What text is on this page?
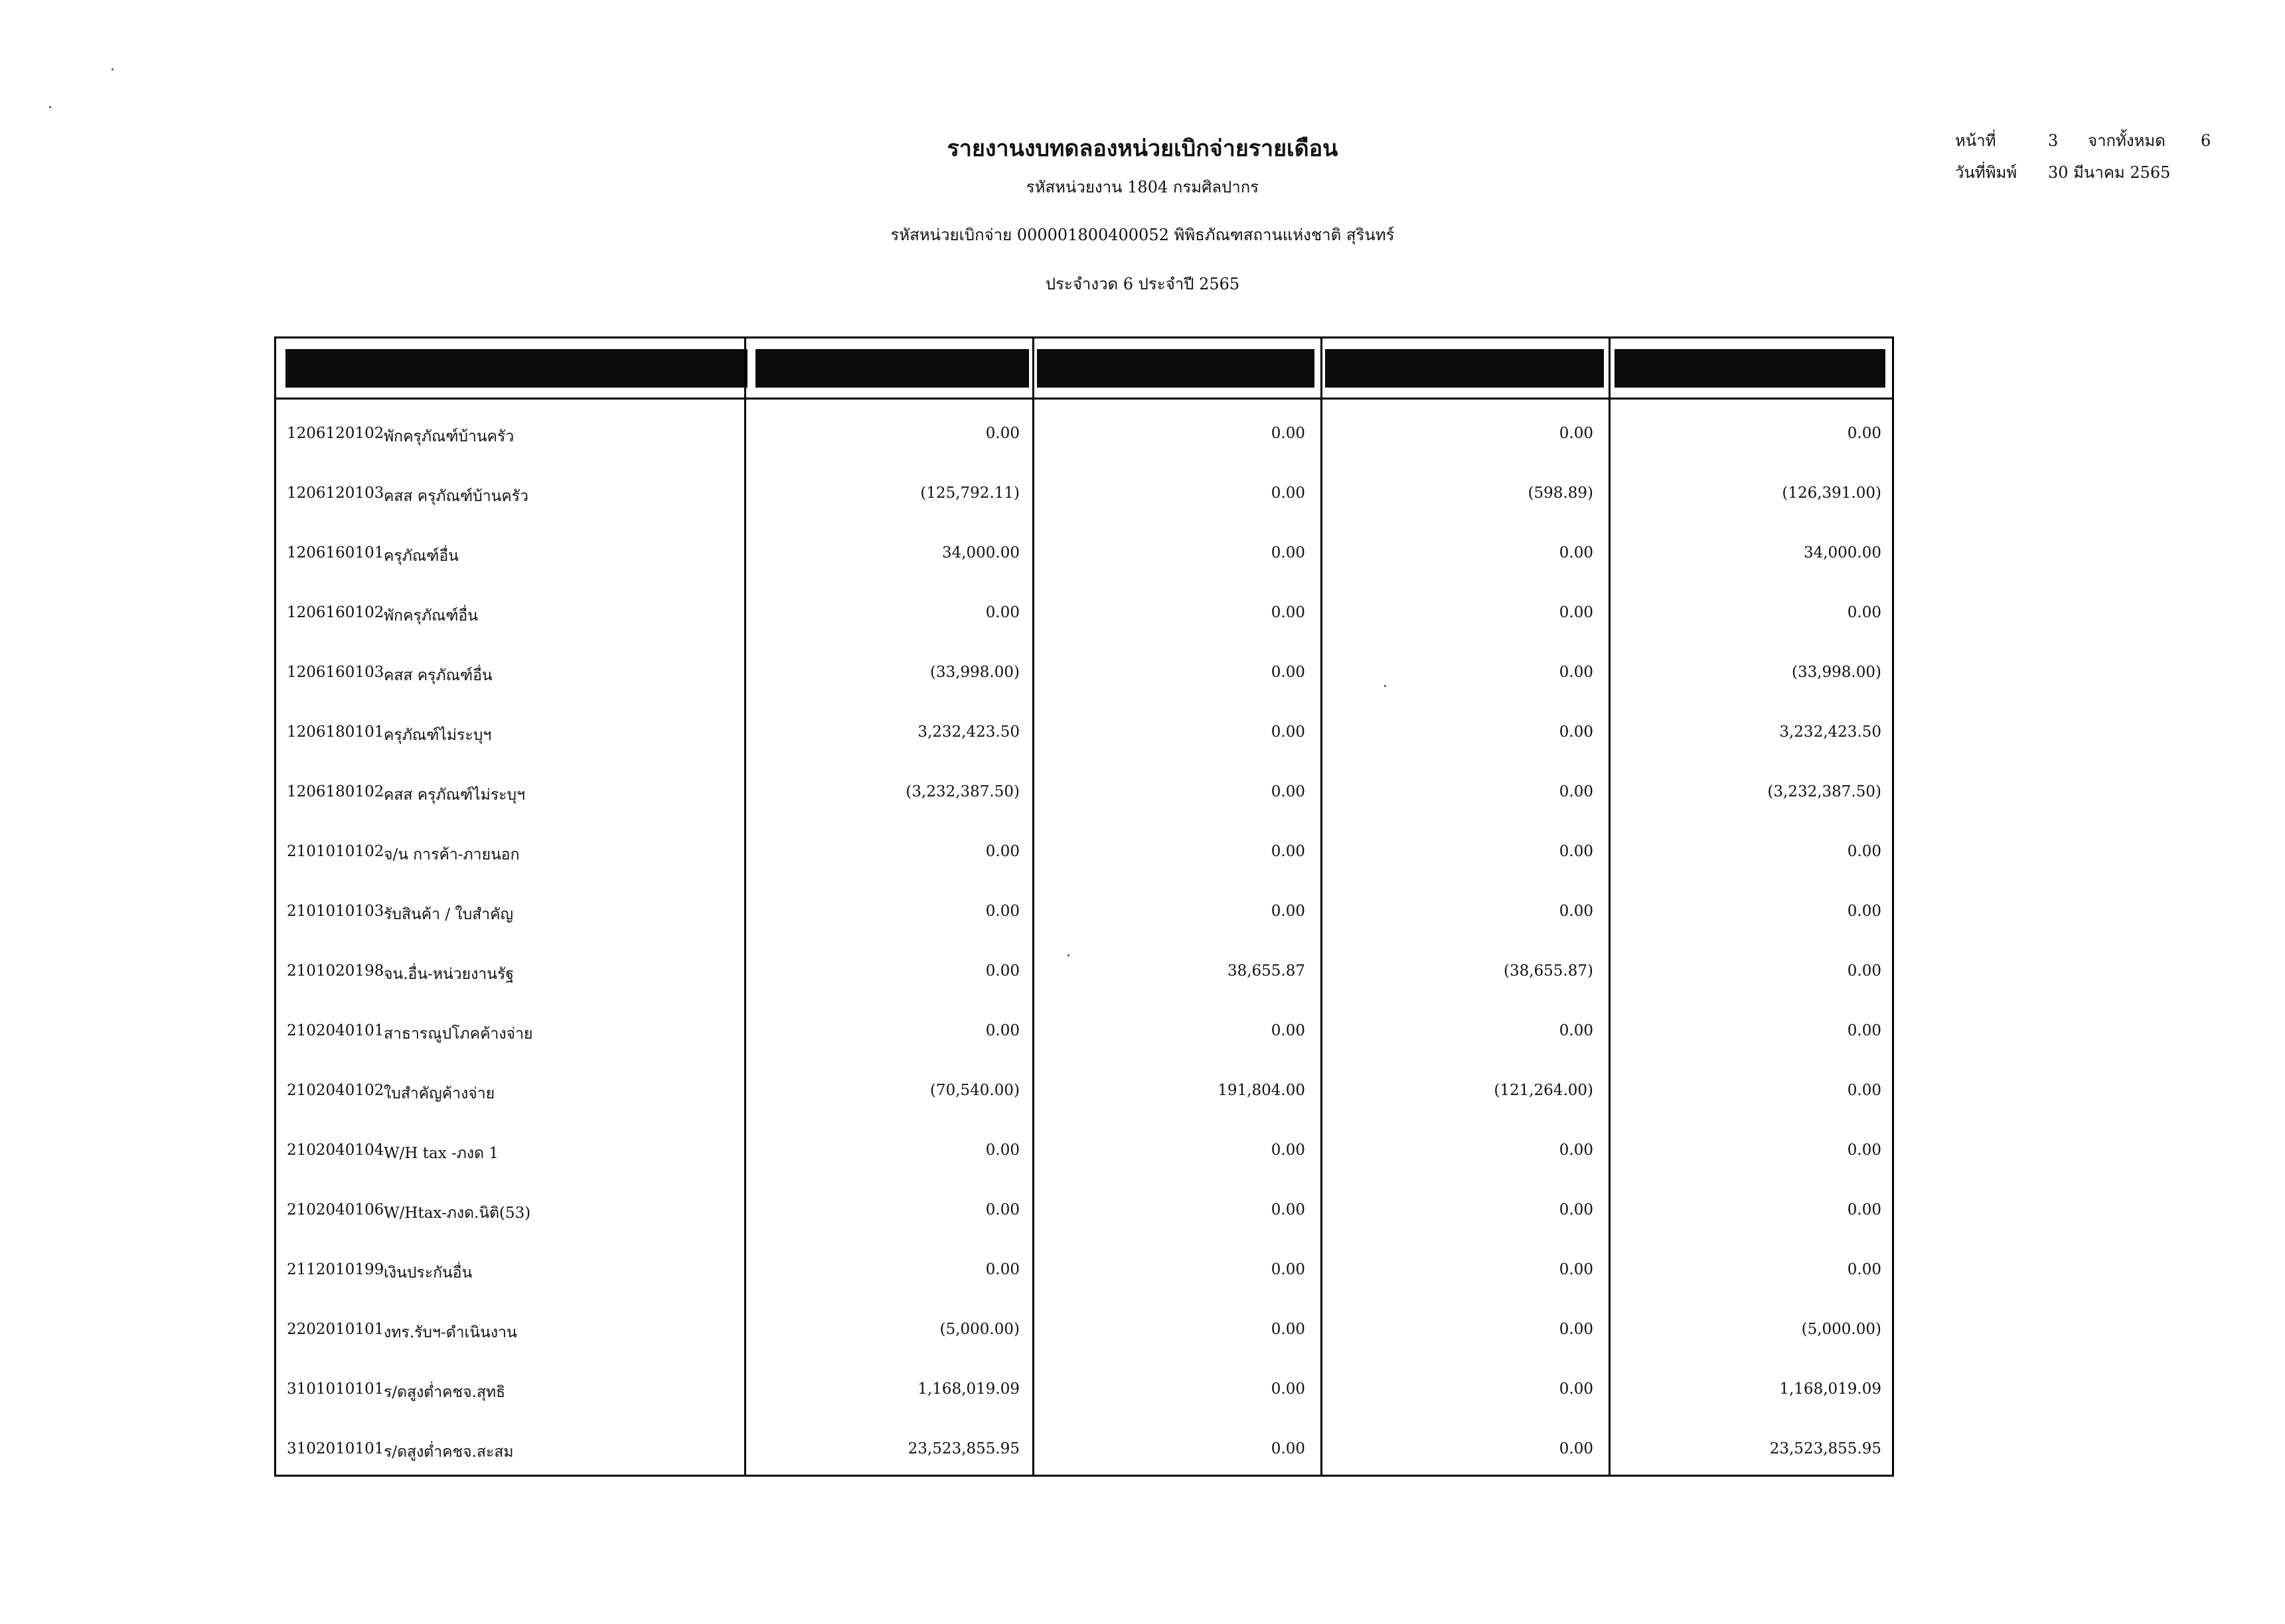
รายงานงบทดลองหน่วยเบิกจ่ายรายเดือน
รหัสหน่วยงาน 1804 กรมศิลปากร
รหัสหน่วยเบิกจ่าย 000001800400052 พิพิธภัณฑสถานแห่งชาติ สุรินทร์
ประจำงวด 6 ประจำปี 2565
หน้าที่	3 จากทั้งหมด 6
วันที่พิมพ์ 30 มีนาคม 2565
1206120102 พักครุภัณฑ์บ้านครัว	0.00	0.00	0.00	0.00
1206120103 คสส ครุภัณฑ์บ้านครัว	(125,792.11)	0.00	(598.89)	(126,391.00)
1206160101 ครุภัณฑ์อื่น	34,000.00	0.00	0.00	34,000.00
1206160102 พักครุภัณฑ์อื่น	0.00	0.00	0.00	0.00
1206160103 คสส ครุภัณฑ์อื่น	(33,998.00)	0.00	0.00	(33,998.00)
1206180101 ครุภัณฑ์ไม่ระบุฯ	3,232,423.50	0.00	0.00	3,232,423.50
1206180102 คสส ครุภัณฑ์ไม่ระบุฯ	(3,232,387.50)	0.00	0.00	(3,232,387.50)
2101010102 จ/น การค้า-ภายนอก	0.00	0.00	0.00	0.00
2101010103 รับสินค้า / ใบสำคัญ	0.00	0.00	0.00	0.00
2101020198 จน.อื่น-หน่วยงานรัฐ	0.00	38,655.87	(38,655.87)	0.00
2102040101 สาธารณูปโภคค้างจ่าย	0.00	0.00	0.00	0.00
2102040102 ใบสำคัญค้างจ่าย	(70,540.00)	191,804.00	(121,264.00)	0.00
2102040104 W/H tax -ภงด 1	0.00	0.00	0.00	0.00
2102040106 W/Htax-ภงด.นิติ(53)	0.00	0.00	0.00	0.00
2112010199 เงินประกันอื่น	0.00	0.00	0.00	0.00
2202010101 งทร.รับฯ-ดำเนินงาน	(5,000.00)	0.00	0.00	(5,000.00)
3101010101 ร/ดสูงต่ำคชจ.สุทธิ	1,168,019.09	0.00	0.00	1,168,019.09
3102010101 ร/ดสูงต่ำคชจ.สะสม	23,523,855.95	0.00	0.00	23,523,855.95
